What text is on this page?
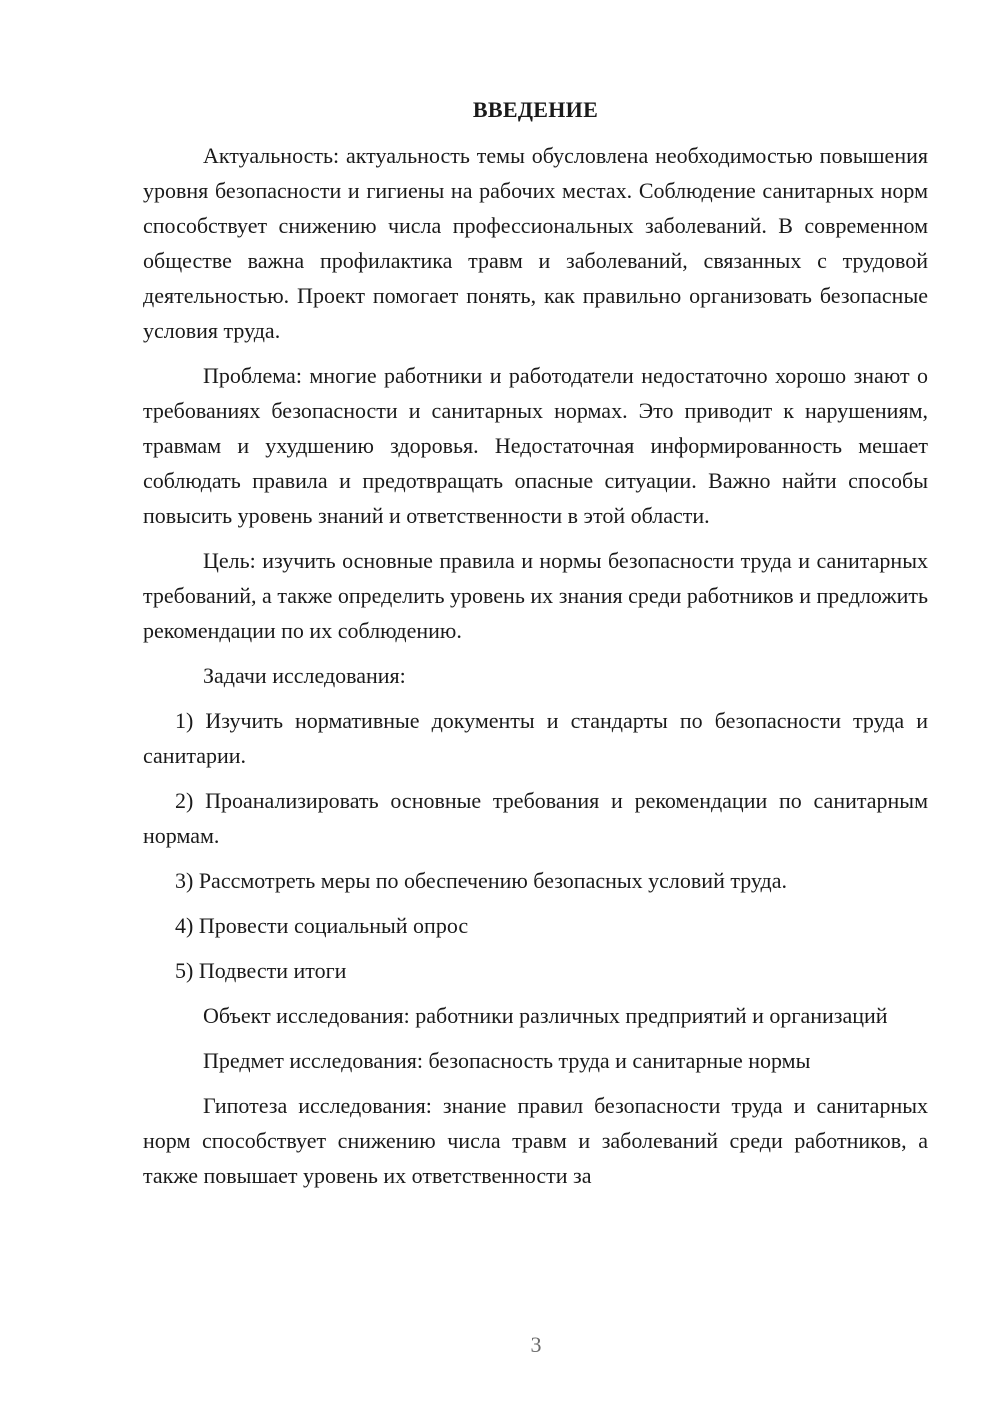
ВВЕДЕНИЕ

Актуальность: актуальность темы обусловлена необходимостью повышения уровня безопасности и гигиены на рабочих местах. Соблюдение санитарных норм способствует снижению числа профессиональных заболеваний. В современном обществе важна профилактика травм и заболеваний, связанных с трудовой деятельностью. Проект помогает понять, как правильно организовать безопасные условия труда.

Проблема: многие работники и работодатели недостаточно хорошо знают о требованиях безопасности и санитарных нормах. Это приводит к нарушениям, травмам и ухудшению здоровья. Недостаточная информированность мешает соблюдать правила и предотвращать опасные ситуации. Важно найти способы повысить уровень знаний и ответственности в этой области.

Цель: изучить основные правила и нормы безопасности труда и санитарных требований, а также определить уровень их знания среди работников и предложить рекомендации по их соблюдению.

Задачи исследования:

1) Изучить нормативные документы и стандарты по безопасности труда и санитарии.

2) Проанализировать основные требования и рекомендации по санитарным нормам.

3) Рассмотреть меры по обеспечению безопасных условий труда.

4) Провести социальный опрос

5) Подвести итоги

Объект исследования: работники различных предприятий и организаций

Предмет исследования: безопасность труда и санитарные нормы

Гипотеза исследования: знание правил безопасности труда и санитарных норм способствует снижению числа травм и заболеваний среди работников, а также повышает уровень их ответственности за

3
